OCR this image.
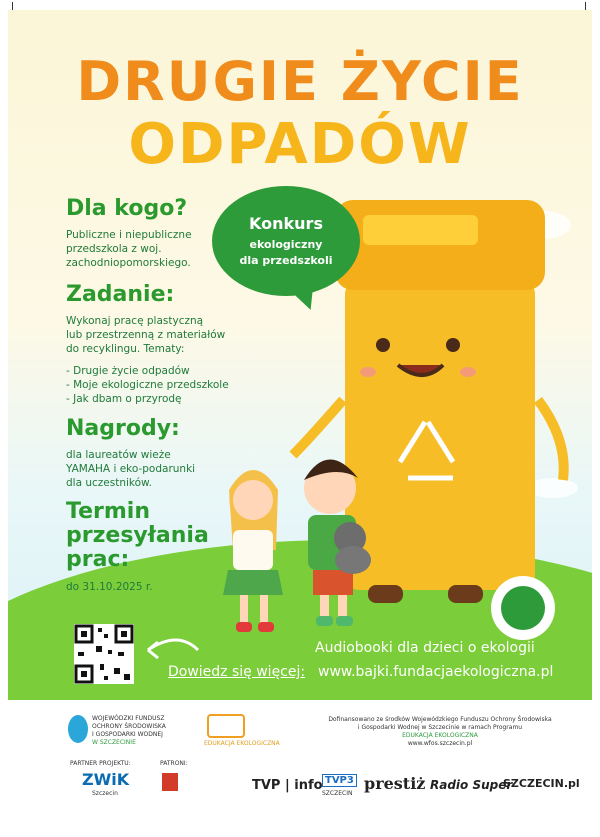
DRUGIE ŻYCIE
ODPADÓW
Konkurs
ekologiczny
dla przedszkoli
Dla kogo?
Publiczne i niepubliczne
przedszkola z woj.
zachodniopomorskiego.
Zadanie:
Wykonaj pracę plastyczną
lub przestrzenną z materiałów
do recyklingu. Tematy:
- Drugie życie odpadów
- Moje ekologiczne przedszkole
- Jak dbam o przyrodę
Nagrody:
dla laureatów wieże
YAMAHA i eko-podarunki
dla uczestników.
Termin
przesyłania
prac:
do 31.10.2025 r.
Audiobooki dla dzieci o ekologii
Dowiedz się więcej: www.bajki.fundacjaekologiczna.pl
WOJEWÓDZKI FUNDUSZ
OCHRONY ŚRODOWISKA
I GOSPODARKI WODNEJ
W SZCZECINIE	EDUKACJA EKOLOGICZNA
Dofinansowano ze środków Wojewódzkiego Funduszu Ochrony Środowiska
i Gospodarki Wodnej w Szczecinie w ramach Programu
EDUKACJA EKOLOGICZNA
www.wfos.szczecin.pl
PARTNER PROJEKTU:
ZWiK
Szczecin
PATRONI:
TVP | info TVP3
SZCZECIN
prestiż Radio Super
SZCZECIN.pl
